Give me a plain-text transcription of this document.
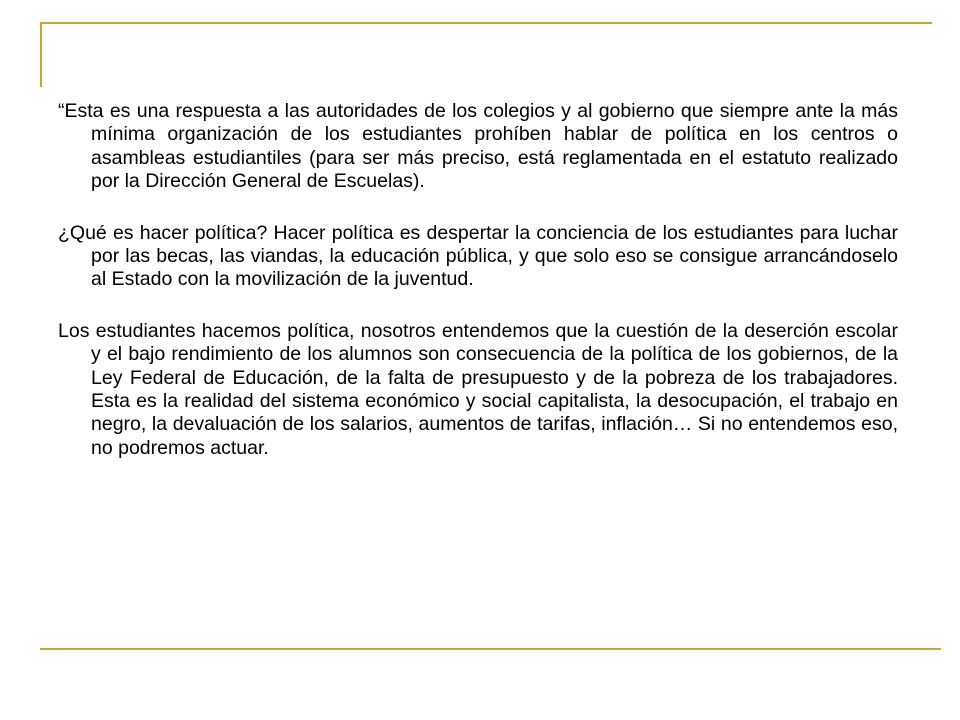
“Esta es una respuesta a las autoridades de los colegios y al gobierno que siempre ante la más mínima organización de los estudiantes prohíben hablar de política en los centros o asambleas estudiantiles (para ser más preciso, está reglamentada en el estatuto realizado por la Dirección General de Escuelas).

¿Qué es hacer política? Hacer política es despertar la conciencia de los estudiantes para luchar por las becas, las viandas, la educación pública, y que solo eso se consigue arrancándoselo al Estado con la movilización de la juventud.

Los estudiantes hacemos política, nosotros entendemos que la cuestión de la deserción escolar y el bajo rendimiento de los alumnos son consecuencia de la política de los gobiernos, de la Ley Federal de Educación, de la falta de presupuesto y de la pobreza de los trabajadores. Esta es la realidad del sistema económico y social capitalista, la desocupación, el trabajo en negro, la devaluación de los salarios, aumentos de tarifas, inflación… Si no entendemos eso, no podremos actuar.
